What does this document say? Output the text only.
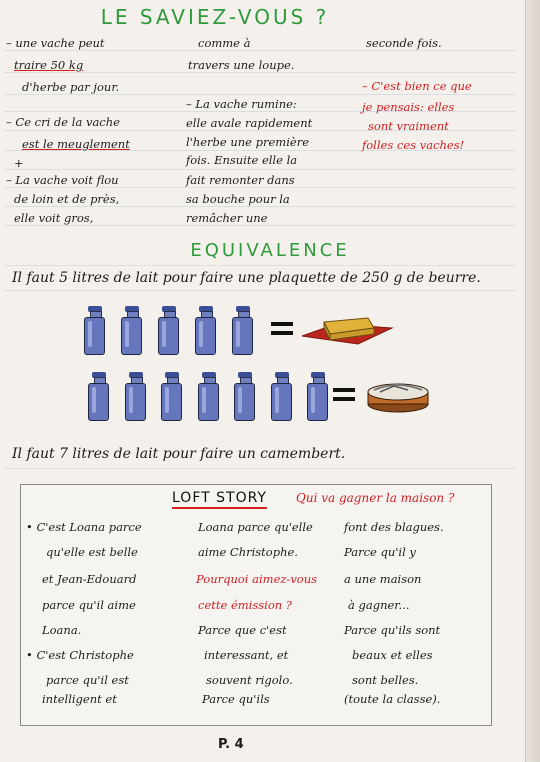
LE SAVIEZ-VOUS ?
– une vache peut
traire 50 kg
d'herbe par jour.
– Ce cri de la vache
est le meuglement
+
– La vache voit flou
de loin et de près,
elle voit gros,
comme à
travers une loupe.
– La vache rumine:
elle avale rapidement
l'herbe une première
fois. Ensuite elle la
fait remonter dans
sa bouche pour la
remâcher une
seconde fois.
– C'est bien ce que
je pensais: elles
sont vraiment
folles ces vaches!
EQUIVALENCE
Il faut 5 litres de lait pour faire une plaquette de 250 g de beurre.
Il faut 7 litres de lait pour faire un camembert.
LOFT STORY Qui va gagner la maison ?
• C'est Loana parce
qu'elle est belle
et Jean-Edouard
parce qu'il aime
Loana.
• C'est Christophe
parce qu'il est
intelligent et
Loana parce qu'elle
aime Christophe.
Pourquoi aimez-vous
cette émission ?
Parce que c'est
interessant, et
souvent rigolo.
Parce qu'ils
font des blagues.
Parce qu'il y
a une maison
à gagner...
Parce qu'ils sont
beaux et elles
sont belles.
(toute la classe).
P. 4
